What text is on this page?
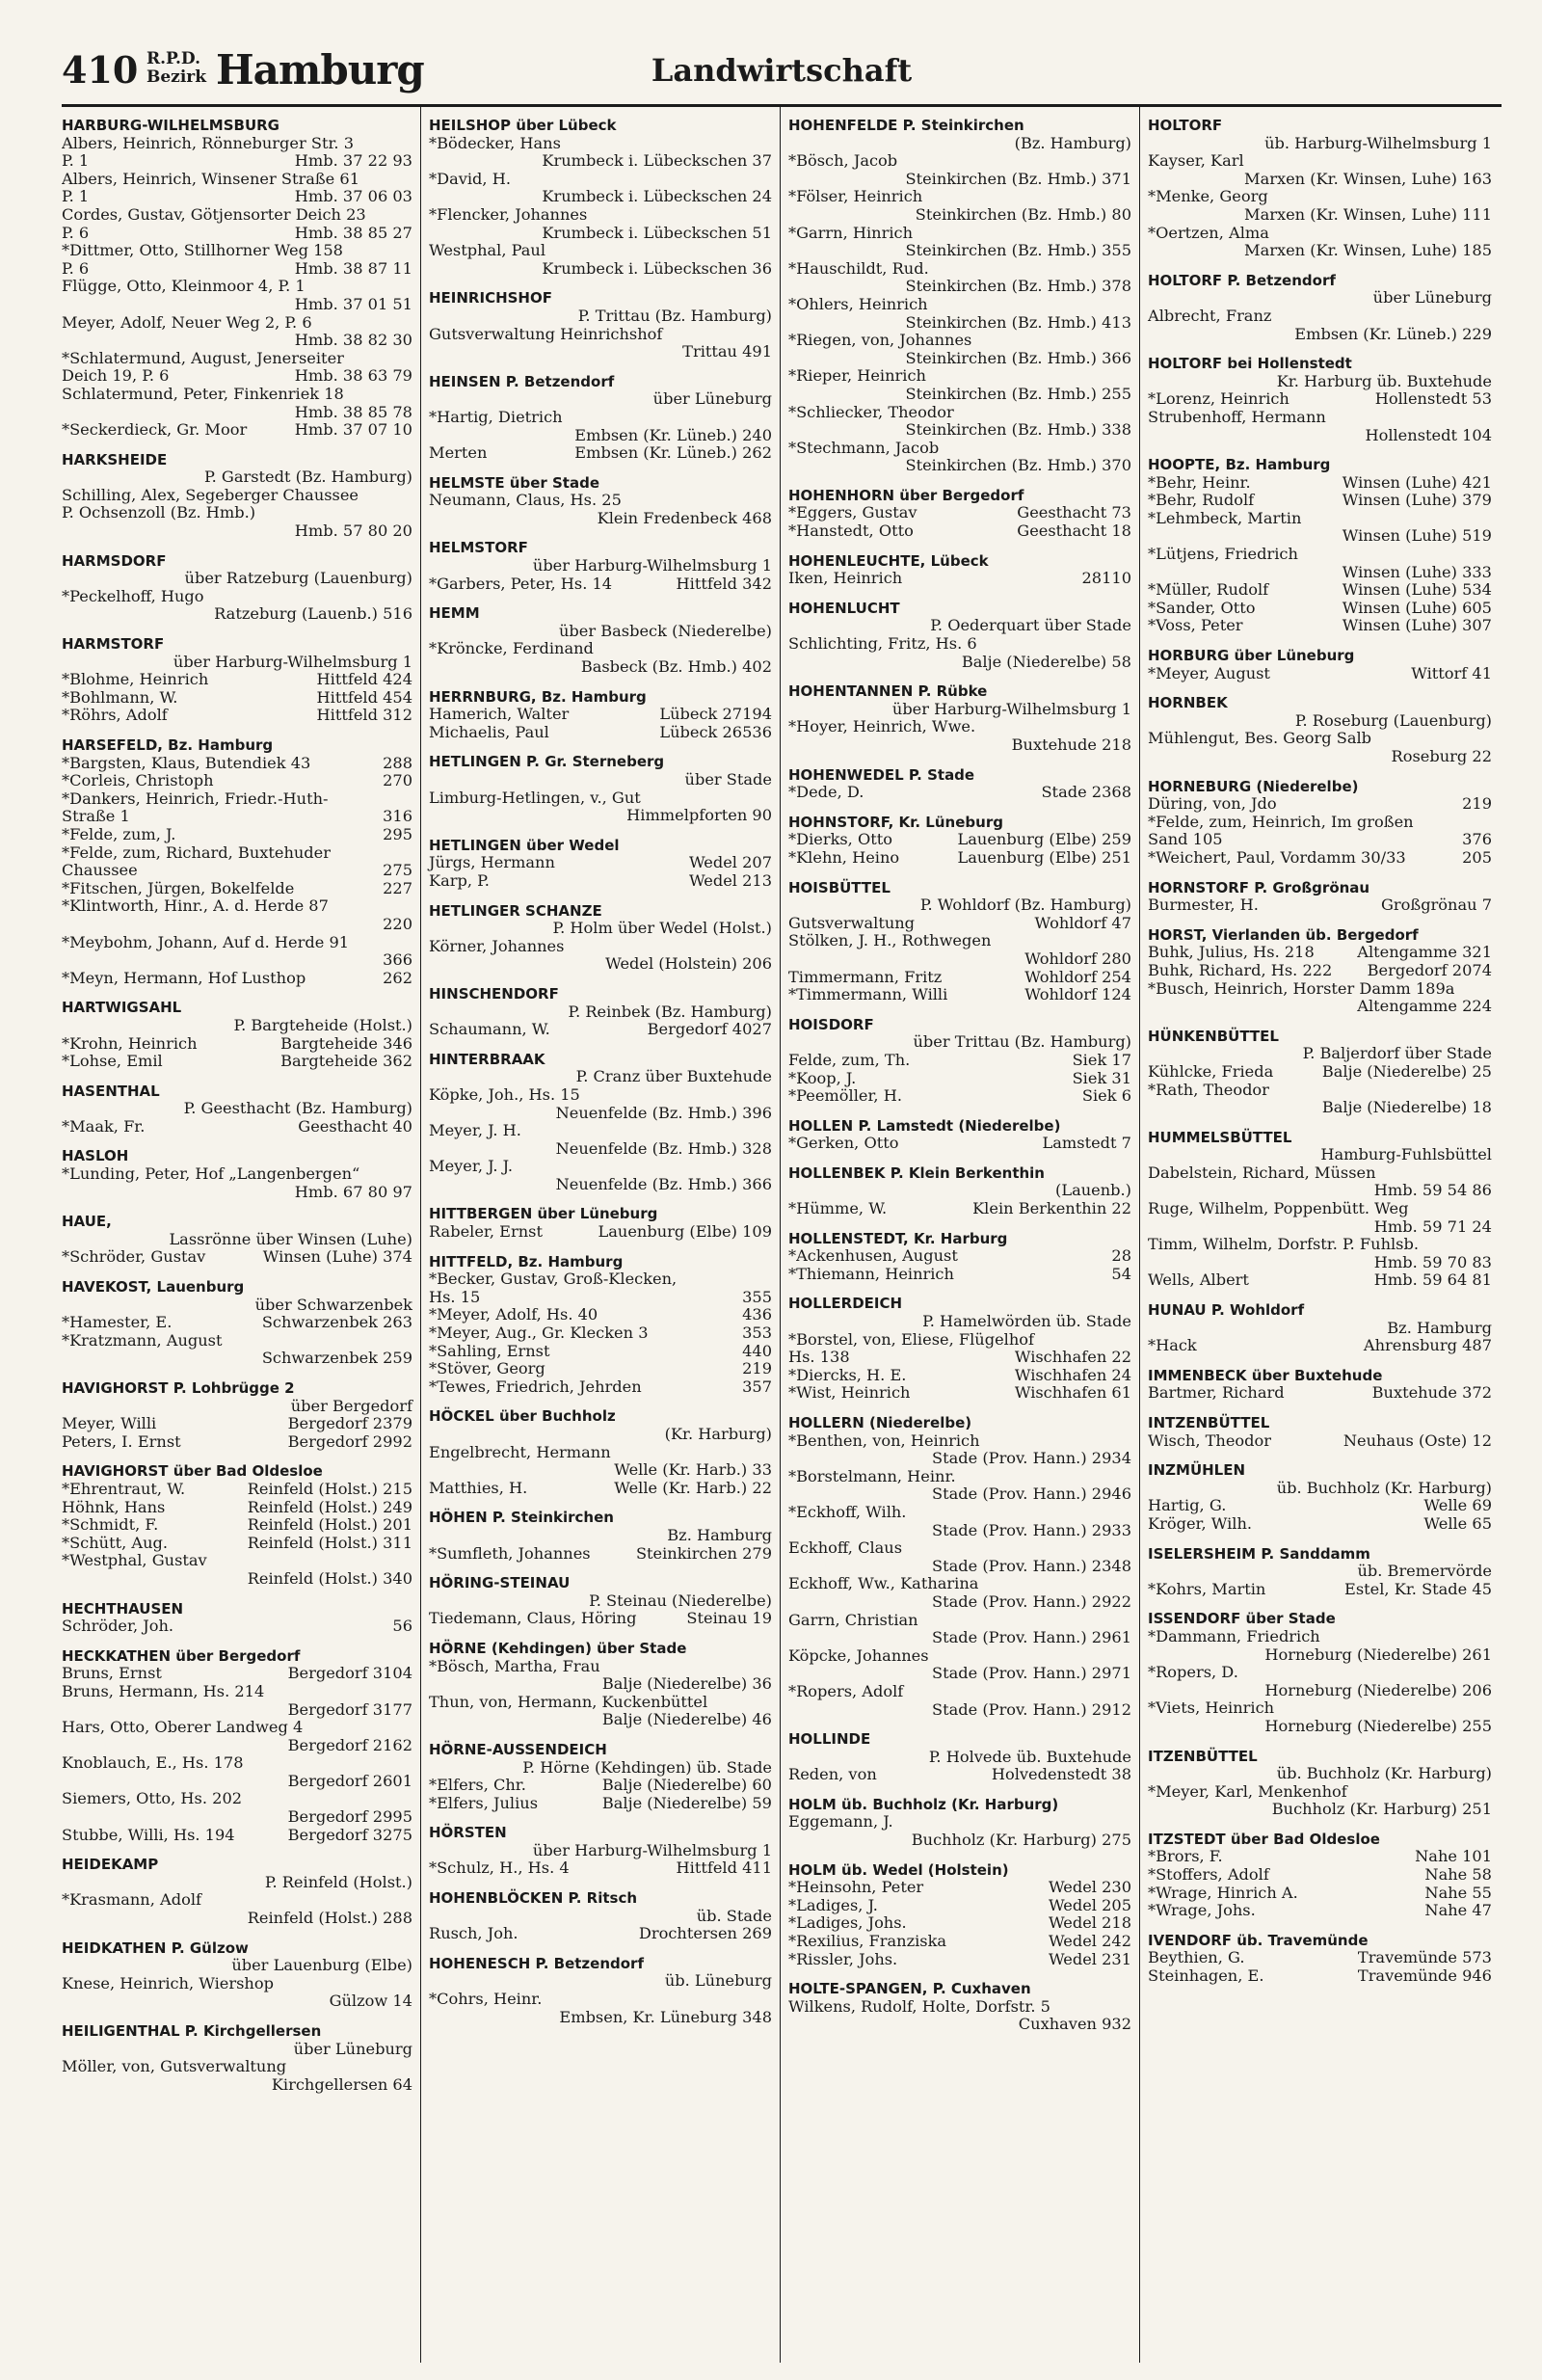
410 R.P.D.
Bezirk Hamburg	Landwirtschaft
HARBURG-WILHELMSBURG
Albers, Heinrich, Rönneburger Str. 3
P. 1	Hmb. 37 22 93
Albers, Heinrich, Winsener Straße 61
P. 1	Hmb. 37 06 03
Cordes, Gustav, Götjensorter Deich 23
P. 6	Hmb. 38 85 27
*Dittmer, Otto, Stillhorner Weg 158
P. 6	Hmb. 38 87 11
Flügge, Otto, Kleinmoor 4, P. 1
Hmb. 37 01 51
Meyer, Adolf, Neuer Weg 2, P. 6
Hmb. 38 82 30
*Schlatermund, August, Jenerseiter
Deich 19, P. 6	Hmb. 38 63 79
Schlatermund, Peter, Finkenriek 18
Hmb. 38 85 78
*Seckerdieck, Gr. Moor	Hmb. 37 07 10
HARKSHEIDE
P. Garstedt (Bz. Hamburg)
Schilling, Alex, Segeberger Chaussee
P. Ochsenzoll (Bz. Hmb.)
Hmb. 57 80 20
HARMSDORF
über Ratzeburg (Lauenburg)
*Peckelhoff, Hugo
Ratzeburg (Lauenb.) 516
HARMSTORF
über Harburg-Wilhelmsburg 1
*Blohme, Heinrich	Hittfeld 424
*Bohlmann, W.	Hittfeld 454
*Röhrs, Adolf	Hittfeld 312
HARSEFELD, Bz. Hamburg
*Bargsten, Klaus, Butendiek 43	288
*Corleis, Christoph	270
*Dankers, Heinrich, Friedr.-Huth-
Straße 1	316
*Felde, zum, J.	295
*Felde, zum, Richard, Buxtehuder
Chaussee	275
*Fitschen, Jürgen, Bokelfelde	227
*Klintworth, Hinr., A. d. Herde 87
220
*Meybohm, Johann, Auf d. Herde 91
366
*Meyn, Hermann, Hof Lusthop	262
HARTWIGSAHL
P. Bargteheide (Holst.)
*Krohn, Heinrich	Bargteheide 346
*Lohse, Emil	Bargteheide 362
HASENTHAL
P. Geesthacht (Bz. Hamburg)
*Maak, Fr.	Geesthacht 40
HASLOH
*Lunding, Peter, Hof „Langenbergen“
Hmb. 67 80 97
HAUE,
Lassrönne über Winsen (Luhe)
*Schröder, Gustav	Winsen (Luhe) 374
HAVEKOST, Lauenburg
über Schwarzenbek
*Hamester, E.	Schwarzenbek 263
*Kratzmann, August
Schwarzenbek 259
HAVIGHORST P. Lohbrügge 2
über Bergedorf
Meyer, Willi	Bergedorf 2379
Peters, I. Ernst	Bergedorf 2992
HAVIGHORST über Bad Oldesloe
*Ehrentraut, W.	Reinfeld (Holst.) 215
Höhnk, Hans	Reinfeld (Holst.) 249
*Schmidt, F.	Reinfeld (Holst.) 201
*Schütt, Aug.	Reinfeld (Holst.) 311
*Westphal, Gustav
Reinfeld (Holst.) 340
HECHTHAUSEN
Schröder, Joh.	56
HECKKATHEN über Bergedorf
Bruns, Ernst	Bergedorf 3104
Bruns, Hermann, Hs. 214
Bergedorf 3177
Hars, Otto, Oberer Landweg 4
Bergedorf 2162
Knoblauch, E., Hs. 178
Bergedorf 2601
Siemers, Otto, Hs. 202
Bergedorf 2995
Stubbe, Willi, Hs. 194	Bergedorf 3275
HEIDEKAMP
P. Reinfeld (Holst.)
*Krasmann, Adolf
Reinfeld (Holst.) 288
HEIDKATHEN P. Gülzow
über Lauenburg (Elbe)
Knese, Heinrich, Wiershop
Gülzow 14
HEILIGENTHAL P. Kirchgellersen
über Lüneburg
Möller, von, Gutsverwaltung
Kirchgellersen 64
HEILSHOP über Lübeck
*Bödecker, Hans
Krumbeck i. Lübeckschen 37
*David, H.
Krumbeck i. Lübeckschen 24
*Flencker, Johannes
Krumbeck i. Lübeckschen 51
Westphal, Paul
Krumbeck i. Lübeckschen 36
HEINRICHSHOF
P. Trittau (Bz. Hamburg)
Gutsverwaltung Heinrichshof
Trittau 491
HEINSEN P. Betzendorf
über Lüneburg
*Hartig, Dietrich
Embsen (Kr. Lüneb.) 240
Merten	Embsen (Kr. Lüneb.) 262
HELMSTE über Stade
Neumann, Claus, Hs. 25
Klein Fredenbeck 468
HELMSTORF
über Harburg-Wilhelmsburg 1
*Garbers, Peter, Hs. 14	Hittfeld 342
HEMM
über Basbeck (Niederelbe)
*Kröncke, Ferdinand
Basbeck (Bz. Hmb.) 402
HERRNBURG, Bz. Hamburg
Hamerich, Walter	Lübeck 27194
Michaelis, Paul	Lübeck 26536
HETLINGEN P. Gr. Sterneberg
über Stade
Limburg-Hetlingen, v., Gut
Himmelpforten 90
HETLINGEN über Wedel
Jürgs, Hermann	Wedel 207
Karp, P.	Wedel 213
HETLINGER SCHANZE
P. Holm über Wedel (Holst.)
Körner, Johannes
Wedel (Holstein) 206
HINSCHENDORF
P. Reinbek (Bz. Hamburg)
Schaumann, W.	Bergedorf 4027
HINTERBRAAK
P. Cranz über Buxtehude
Köpke, Joh., Hs. 15
Neuenfelde (Bz. Hmb.) 396
Meyer, J. H.
Neuenfelde (Bz. Hmb.) 328
Meyer, J. J.
Neuenfelde (Bz. Hmb.) 366
HITTBERGEN über Lüneburg
Rabeler, Ernst	Lauenburg (Elbe) 109
HITTFELD, Bz. Hamburg
*Becker, Gustav, Groß-Klecken,
Hs. 15	355
*Meyer, Adolf, Hs. 40	436
*Meyer, Aug., Gr. Klecken 3	353
*Sahling, Ernst	440
*Stöver, Georg	219
*Tewes, Friedrich, Jehrden	357
HÖCKEL über Buchholz
(Kr. Harburg)
Engelbrecht, Hermann
Welle (Kr. Harb.) 33
Matthies, H.	Welle (Kr. Harb.) 22
HÖHEN P. Steinkirchen
Bz. Hamburg
*Sumfleth, Johannes	Steinkirchen 279
HÖRING-STEINAU
P. Steinau (Niederelbe)
Tiedemann, Claus, Höring	Steinau 19
HÖRNE (Kehdingen) über Stade
*Bösch, Martha, Frau
Balje (Niederelbe) 36
Thun, von, Hermann, Kuckenbüttel
Balje (Niederelbe) 46
HÖRNE-AUSSENDEICH
P. Hörne (Kehdingen) üb. Stade
*Elfers, Chr.	Balje (Niederelbe) 60
*Elfers, Julius	Balje (Niederelbe) 59
HÖRSTEN
über Harburg-Wilhelmsburg 1
*Schulz, H., Hs. 4	Hittfeld 411
HOHENBLÖCKEN P. Ritsch
üb. Stade
Rusch, Joh.	Drochtersen 269
HOHENESCH P. Betzendorf
üb. Lüneburg
*Cohrs, Heinr.
Embsen, Kr. Lüneburg 348
HOHENFELDE P. Steinkirchen
(Bz. Hamburg)
*Bösch, Jacob
Steinkirchen (Bz. Hmb.) 371
*Fölser, Heinrich
Steinkirchen (Bz. Hmb.) 80
*Garrn, Hinrich
Steinkirchen (Bz. Hmb.) 355
*Hauschildt, Rud.
Steinkirchen (Bz. Hmb.) 378
*Ohlers, Heinrich
Steinkirchen (Bz. Hmb.) 413
*Riegen, von, Johannes
Steinkirchen (Bz. Hmb.) 366
*Rieper, Heinrich
Steinkirchen (Bz. Hmb.) 255
*Schliecker, Theodor
Steinkirchen (Bz. Hmb.) 338
*Stechmann, Jacob
Steinkirchen (Bz. Hmb.) 370
HOHENHORN über Bergedorf
*Eggers, Gustav	Geesthacht 73
*Hanstedt, Otto	Geesthacht 18
HOHENLEUCHTE, Lübeck
Iken, Heinrich	28110
HOHENLUCHT
P. Oederquart über Stade
Schlichting, Fritz, Hs. 6
Balje (Niederelbe) 58
HOHENTANNEN P. Rübke
über Harburg-Wilhelmsburg 1
*Hoyer, Heinrich, Wwe.
Buxtehude 218
HOHENWEDEL P. Stade
*Dede, D.	Stade 2368
HOHNSTORF, Kr. Lüneburg
*Dierks, Otto	Lauenburg (Elbe) 259
*Klehn, Heino	Lauenburg (Elbe) 251
HOISBÜTTEL
P. Wohldorf (Bz. Hamburg)
Gutsverwaltung	Wohldorf 47
Stölken, J. H., Rothwegen
Wohldorf 280
Timmermann, Fritz	Wohldorf 254
*Timmermann, Willi	Wohldorf 124
HOISDORF
über Trittau (Bz. Hamburg)
Felde, zum, Th.	Siek 17
*Koop, J.	Siek 31
*Peemöller, H.	Siek 6
HOLLEN P. Lamstedt (Niederelbe)
*Gerken, Otto	Lamstedt 7
HOLLENBEK P. Klein Berkenthin
(Lauenb.)
*Hümme, W.	Klein Berkenthin 22
HOLLENSTEDT, Kr. Harburg
*Ackenhusen, August	28
*Thiemann, Heinrich	54
HOLLERDEICH
P. Hamelwörden üb. Stade
*Borstel, von, Eliese, Flügelhof
Hs. 138	Wischhafen 22
*Diercks, H. E.	Wischhafen 24
*Wist, Heinrich	Wischhafen 61
HOLLERN (Niederelbe)
*Benthen, von, Heinrich
Stade (Prov. Hann.) 2934
*Borstelmann, Heinr.
Stade (Prov. Hann.) 2946
*Eckhoff, Wilh.
Stade (Prov. Hann.) 2933
Eckhoff, Claus
Stade (Prov. Hann.) 2348
Eckhoff, Ww., Katharina
Stade (Prov. Hann.) 2922
Garrn, Christian
Stade (Prov. Hann.) 2961
Köpcke, Johannes
Stade (Prov. Hann.) 2971
*Ropers, Adolf
Stade (Prov. Hann.) 2912
HOLLINDE
P. Holvede üb. Buxtehude
Reden, von	Holvedenstedt 38
HOLM üb. Buchholz (Kr. Harburg)
Eggemann, J.
Buchholz (Kr. Harburg) 275
HOLM üb. Wedel (Holstein)
*Heinsohn, Peter	Wedel 230
*Ladiges, J.	Wedel 205
*Ladiges, Johs.	Wedel 218
*Rexilius, Franziska	Wedel 242
*Rissler, Johs.	Wedel 231
HOLTE-SPANGEN, P. Cuxhaven
Wilkens, Rudolf, Holte, Dorfstr. 5
Cuxhaven 932
HOLTORF
üb. Harburg-Wilhelmsburg 1
Kayser, Karl
Marxen (Kr. Winsen, Luhe) 163
*Menke, Georg
Marxen (Kr. Winsen, Luhe) 111
*Oertzen, Alma
Marxen (Kr. Winsen, Luhe) 185
HOLTORF P. Betzendorf
über Lüneburg
Albrecht, Franz
Embsen (Kr. Lüneb.) 229
HOLTORF bei Hollenstedt
Kr. Harburg üb. Buxtehude
*Lorenz, Heinrich	Hollenstedt 53
Strubenhoff, Hermann
Hollenstedt 104
HOOPTE, Bz. Hamburg
*Behr, Heinr.	Winsen (Luhe) 421
*Behr, Rudolf	Winsen (Luhe) 379
*Lehmbeck, Martin
Winsen (Luhe) 519
*Lütjens, Friedrich
Winsen (Luhe) 333
*Müller, Rudolf	Winsen (Luhe) 534
*Sander, Otto	Winsen (Luhe) 605
*Voss, Peter	Winsen (Luhe) 307
HORBURG über Lüneburg
*Meyer, August	Wittorf 41
HORNBEK
P. Roseburg (Lauenburg)
Mühlengut, Bes. Georg Salb
Roseburg 22
HORNEBURG (Niederelbe)
Düring, von, Jdo	219
*Felde, zum, Heinrich, Im großen
Sand 105	376
*Weichert, Paul, Vordamm 30/33	205
HORNSTORF P. Großgrönau
Burmester, H.	Großgrönau 7
HORST, Vierlanden üb. Bergedorf
Buhk, Julius, Hs. 218	Altengamme 321
Buhk, Richard, Hs. 222 Bergedorf 2074
*Busch, Heinrich, Horster Damm 189a
Altengamme 224
HÜNKENBÜTTEL
P. Baljerdorf über Stade
Kühlcke, Frieda	Balje (Niederelbe) 25
*Rath, Theodor
Balje (Niederelbe) 18
HUMMELSBÜTTEL
Hamburg-Fuhlsbüttel
Dabelstein, Richard, Müssen
Hmb. 59 54 86
Ruge, Wilhelm, Poppenbütt. Weg
Hmb. 59 71 24
Timm, Wilhelm, Dorfstr. P. Fuhlsb.
Hmb. 59 70 83
Wells, Albert	Hmb. 59 64 81
HUNAU P. Wohldorf
Bz. Hamburg
*Hack	Ahrensburg 487
IMMENBECK über Buxtehude
Bartmer, Richard	Buxtehude 372
INTZENBÜTTEL
Wisch, Theodor	Neuhaus (Oste) 12
INZMÜHLEN
üb. Buchholz (Kr. Harburg)
Hartig, G.	Welle 69
Kröger, Wilh.	Welle 65
ISELERSHEIM P. Sanddamm
üb. Bremervörde
*Kohrs, Martin	Estel, Kr. Stade 45
ISSENDORF über Stade
*Dammann, Friedrich
Horneburg (Niederelbe) 261
*Ropers, D.
Horneburg (Niederelbe) 206
*Viets, Heinrich
Horneburg (Niederelbe) 255
ITZENBÜTTEL
üb. Buchholz (Kr. Harburg)
*Meyer, Karl, Menkenhof
Buchholz (Kr. Harburg) 251
ITZSTEDT über Bad Oldesloe
*Brors, F.	Nahe 101
*Stoffers, Adolf	Nahe 58
*Wrage, Hinrich A.	Nahe 55
*Wrage, Johs.	Nahe 47
IVENDORF üb. Travemünde
Beythien, G.	Travemünde 573
Steinhagen, E.	Travemünde 946
